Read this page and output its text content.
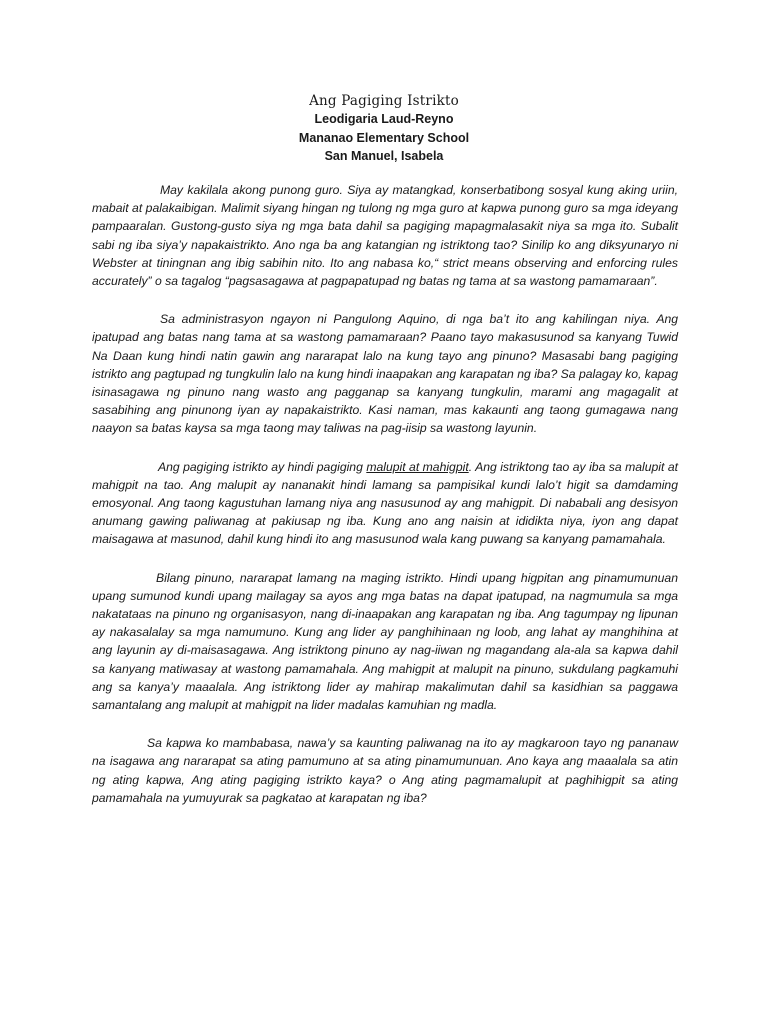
Ang Pagiging Istrikto

Leodigaria Laud-Reyno

Mananao Elementary School

San Manuel, Isabela

May kakilala akong punong guro. Siya ay matangkad, konserbatibong sosyal kung aking uriin, mabait at palakaibigan. Malimit siyang hingan ng tulong ng mga guro at kapwa punong guro sa mga ideyang pampaaralan. Gustong-gusto siya ng mga bata dahil sa pagiging mapagmalasakit niya sa mga ito. Subalit sabi ng iba siya’y napakaistrikto. Ano nga ba ang katangian ng istriktong tao? Sinilip ko ang diksyunaryo ni Webster at tiningnan ang ibig sabihin nito. Ito ang nabasa ko,“ strict means observing and enforcing rules accurately” o sa tagalog “pagsasagawa at pagpapatupad ng batas ng tama at sa wastong pamamaraan”.

Sa administrasyon ngayon ni Pangulong Aquino, di nga ba’t ito ang kahilingan niya. Ang ipatupad ang batas nang tama at sa wastong pamamaraan? Paano tayo makasusunod sa kanyang Tuwid Na Daan kung hindi natin gawin ang nararapat lalo na kung tayo ang pinuno? Masasabi bang pagiging istrikto ang pagtupad ng tungkulin lalo na kung hindi inaapakan ang karapatan ng iba? Sa palagay ko, kapag isinasagawa ng pinuno nang wasto ang pagganap sa kanyang tungkulin, marami ang magagalit at sasabihing ang pinunong iyan ay napakaistrikto. Kasi naman, mas kakaunti ang taong gumagawa nang naayon sa batas kaysa sa mga taong may taliwas na pag-iisip sa wastong layunin.

Ang pagiging istrikto ay hindi pagiging malupit at mahigpit. Ang istriktong tao ay iba sa malupit at mahigpit na tao. Ang malupit ay nananakit hindi lamang sa pampisikal kundi lalo’t higit sa damdaming emosyonal. Ang taong kagustuhan lamang niya ang nasusunod ay ang mahigpit. Di nababali ang desisyon anumang gawing paliwanag at pakiusap ng iba. Kung ano ang naisin at ididikta niya, iyon ang dapat maisagawa at masunod, dahil kung hindi ito ang masusunod wala kang puwang sa kanyang pamamahala.

Bilang pinuno, nararapat lamang na maging istrikto. Hindi upang higpitan ang pinamumunuan upang sumunod kundi upang mailagay sa ayos ang mga batas na dapat ipatupad, na nagmumula sa mga nakatataas na pinuno ng organisasyon, nang di-inaapakan ang karapatan ng iba. Ang tagumpay ng lipunan ay nakasalalay sa mga namumuno. Kung ang lider ay panghihinaan ng loob, ang lahat ay manghihina at ang layunin ay di-maisasagawa. Ang istriktong pinuno ay nag-iiwan ng magandang ala-ala sa kapwa dahil sa kanyang matiwasay at wastong pamamahala. Ang mahigpit at malupit na pinuno, sukdulang pagkamuhi ang sa kanya’y maaalala. Ang istriktong lider ay mahirap makalimutan dahil sa kasidhian sa paggawa samantalang ang malupit at mahigpit na lider madalas kamuhian ng madla.

Sa kapwa ko mambabasa, nawa’y sa kaunting paliwanag na ito ay magkaroon tayo ng pananaw na isagawa ang nararapat sa ating pamumuno at sa ating pinamumunuan. Ano kaya ang maaalala sa atin ng ating kapwa, Ang ating pagiging istrikto kaya? o Ang ating pagmamalupit at paghihigpit sa ating pamamahala na yumuyurak sa pagkatao at karapatan ng iba?
